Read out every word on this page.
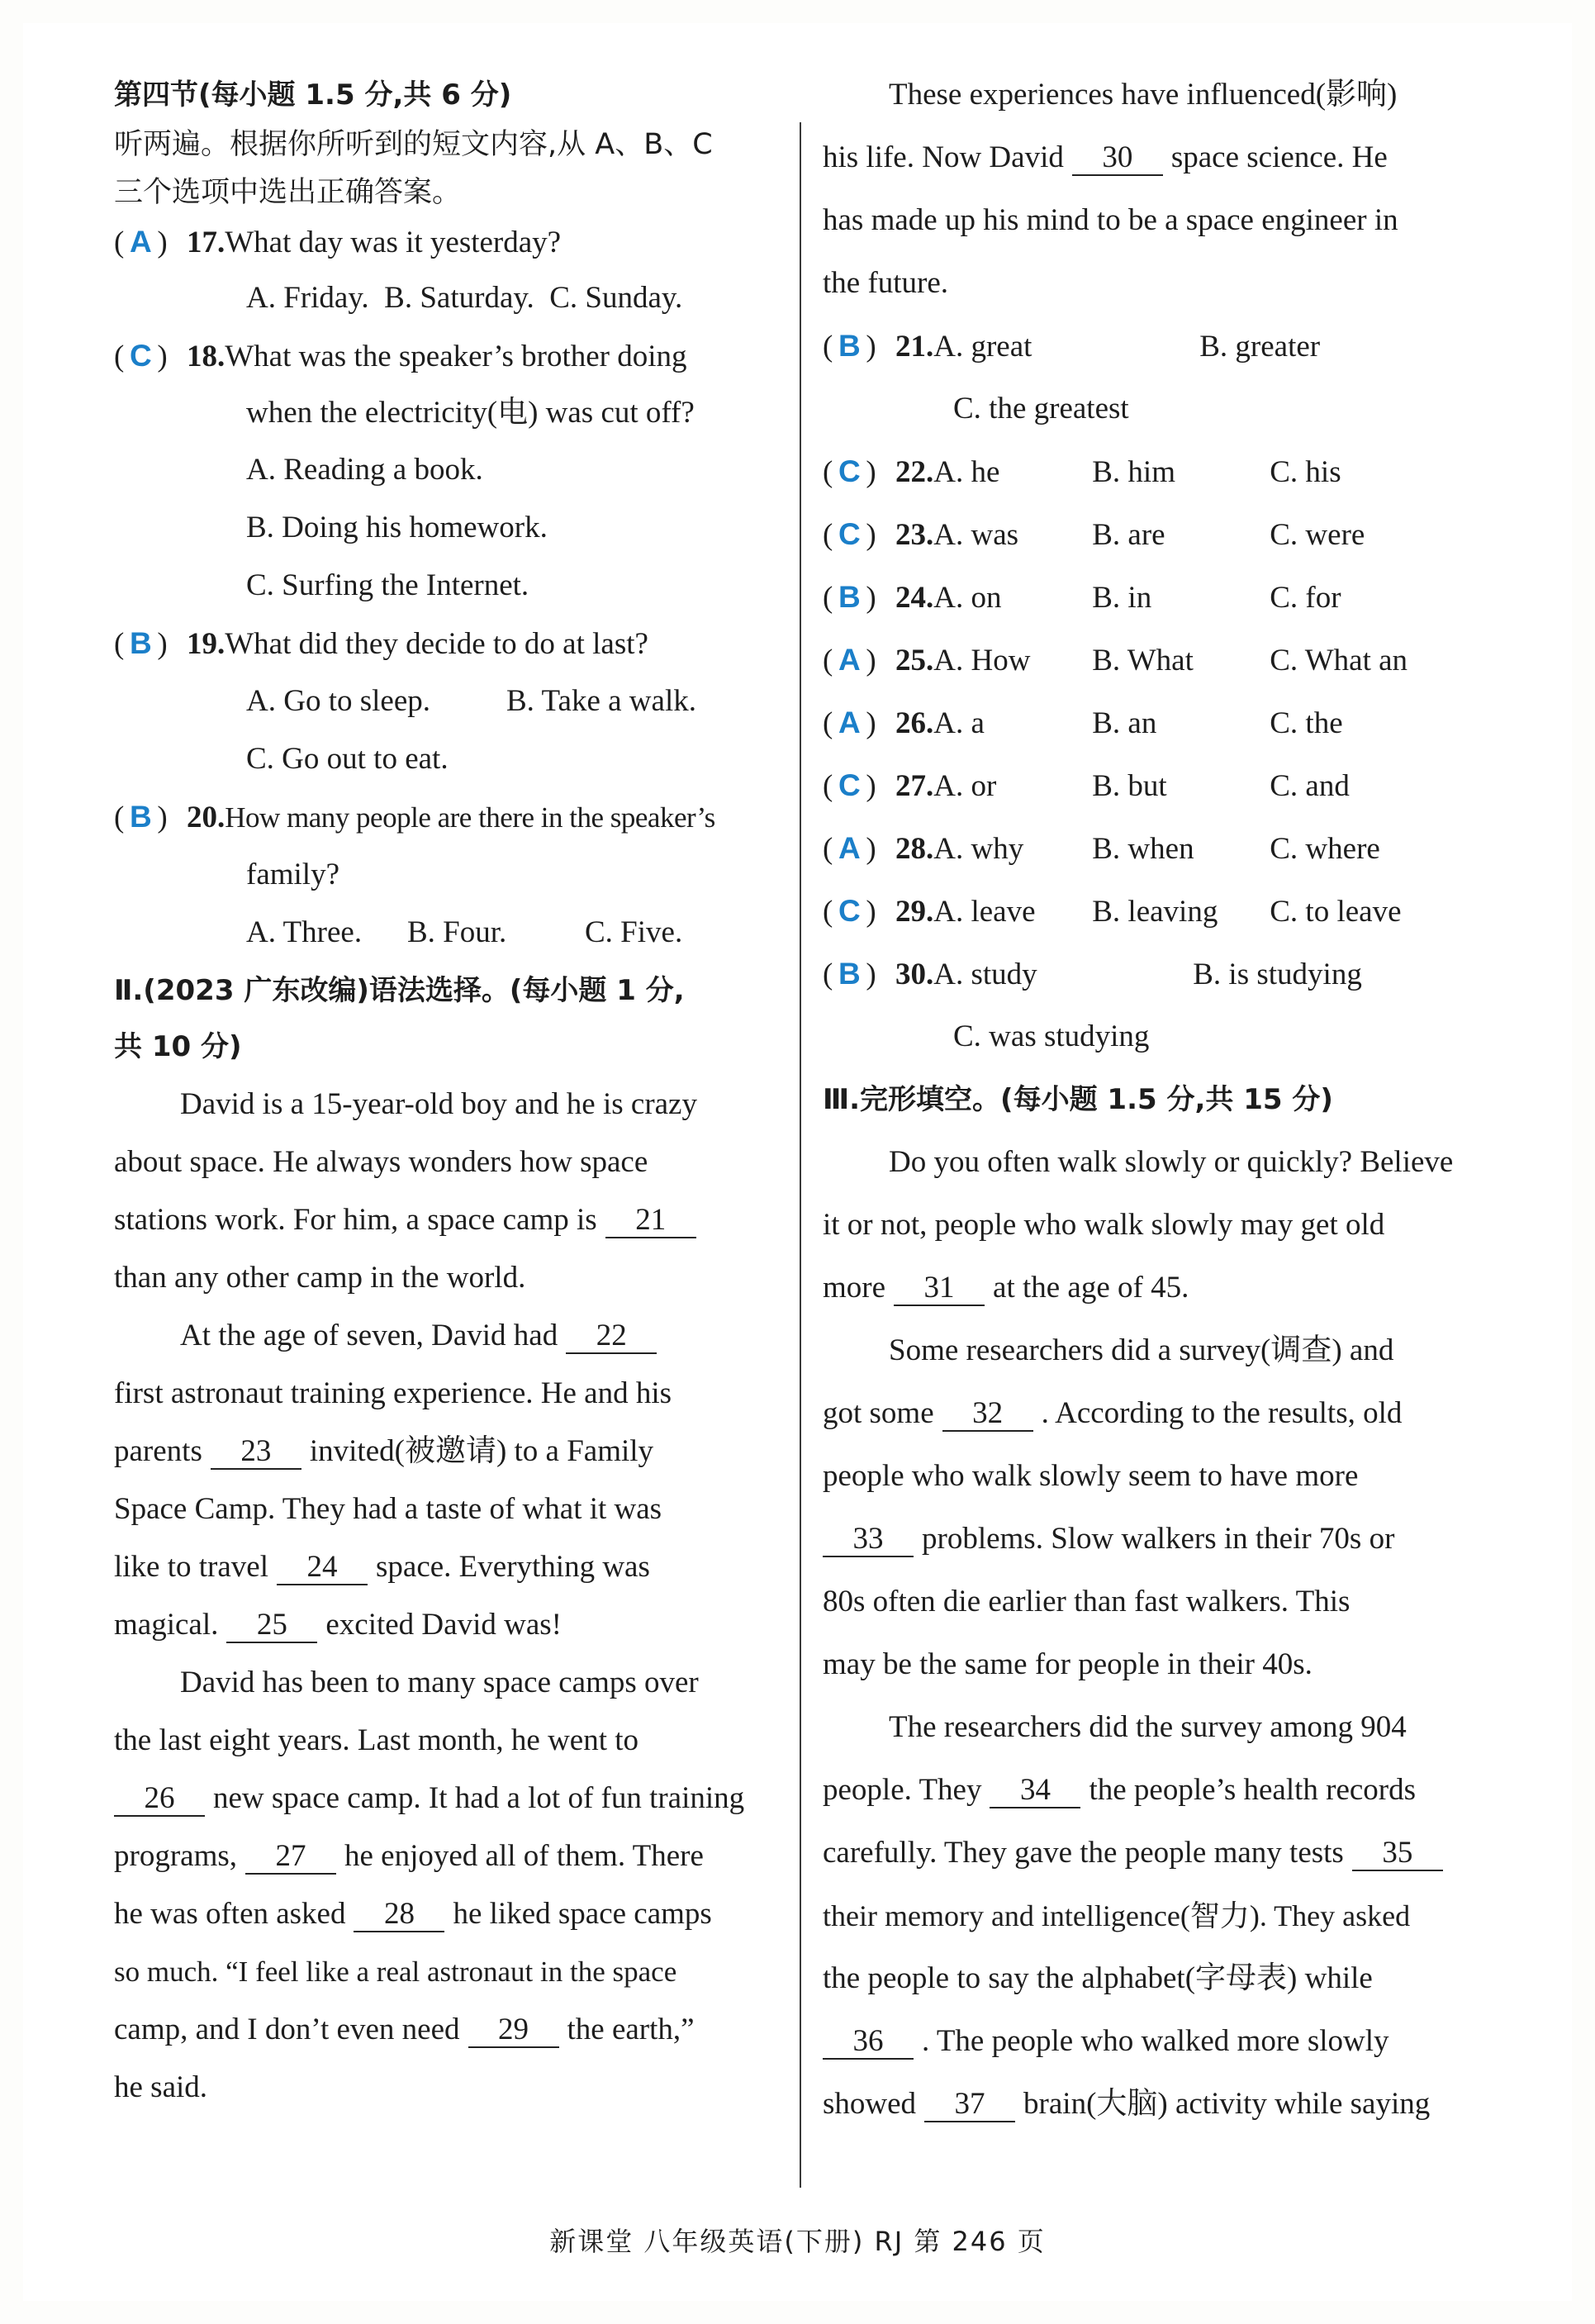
第四节(每小题 1.5 分,共 6 分)
听两遍。根据你所听到的短文内容,从 A、B、C
三个选项中选出正确答案。
( A ) 17.What day was it yesterday?
A. Friday. B. Saturday. C. Sunday.
( C ) 18.What was the speaker’s brother doing
when the electricity(电) was cut off?
A. Reading a book.
B. Doing his homework.
C. Surfing the Internet.
( B ) 19.What did they decide to do at last?
A. Go to sleep. B. Take a walk.
C. Go out to eat.
( B ) 20.How many people are there in the speaker’s
family?
A. Three. B. Four.	C. Five.
Ⅱ.(2023 广东改编)语法选择。(每小题 1 分,
共 10 分)
David is a 15-year-old boy and he is crazy
about space. He always wonders how space
stations work. For him, a space camp is 21
than any other camp in the world.
At the age of seven, David had 22
first astronaut training experience. He and his
parents 23 invited(被邀请) to a Family
Space Camp. They had a taste of what it was
like to travel 24 space. Everything was
magical. 25 excited David was!
David has been to many space camps over
the last eight years. Last month, he went to
26 new space camp. It had a lot of fun training
programs, 27 he enjoyed all of them. There
he was often asked 28 he liked space camps
so much. “I feel like a real astronaut in the space
camp, and I don’t even need 29 the earth,”
he said.
These experiences have influenced(影响)
his life. Now David 30 space science. He
has made up his mind to be a space engineer in
the future.
( B ) 21.A. great	B. greater
C. the greatest
( C ) 22.A. he	B. him	C. his
( C ) 23.A. was B. are	C. were
( B ) 24.A. on	B. in	C. for
( A ) 25.A. How B. What C. What an
( A ) 26.A. a	B. an	C. the
( C ) 27.A. or	B. but	C. and
( A ) 28.A. why B. when C. where
( C ) 29.A. leave B. leaving C. to leave
( B ) 30.A. study	B. is studying
C. was studying
Ⅲ.完形填空。(每小题 1.5 分,共 15 分)
Do you often walk slowly or quickly? Believe
it or not, people who walk slowly may get old
more 31 at the age of 45.
Some researchers did a survey(调查) and
got some 32 . According to the results, old
people who walk slowly seem to have more
33 problems. Slow walkers in their 70s or
80s often die earlier than fast walkers. This
may be the same for people in their 40s.
The researchers did the survey among 904
people. They 34 the people’s health records
carefully. They gave the people many tests 35
their memory and intelligence(智力). They asked
the people to say the alphabet(字母表) while
36 . The people who walked more slowly
showed 37 brain(大脑) activity while saying
新课堂 八年级英语(下册) RJ 第 246 页
